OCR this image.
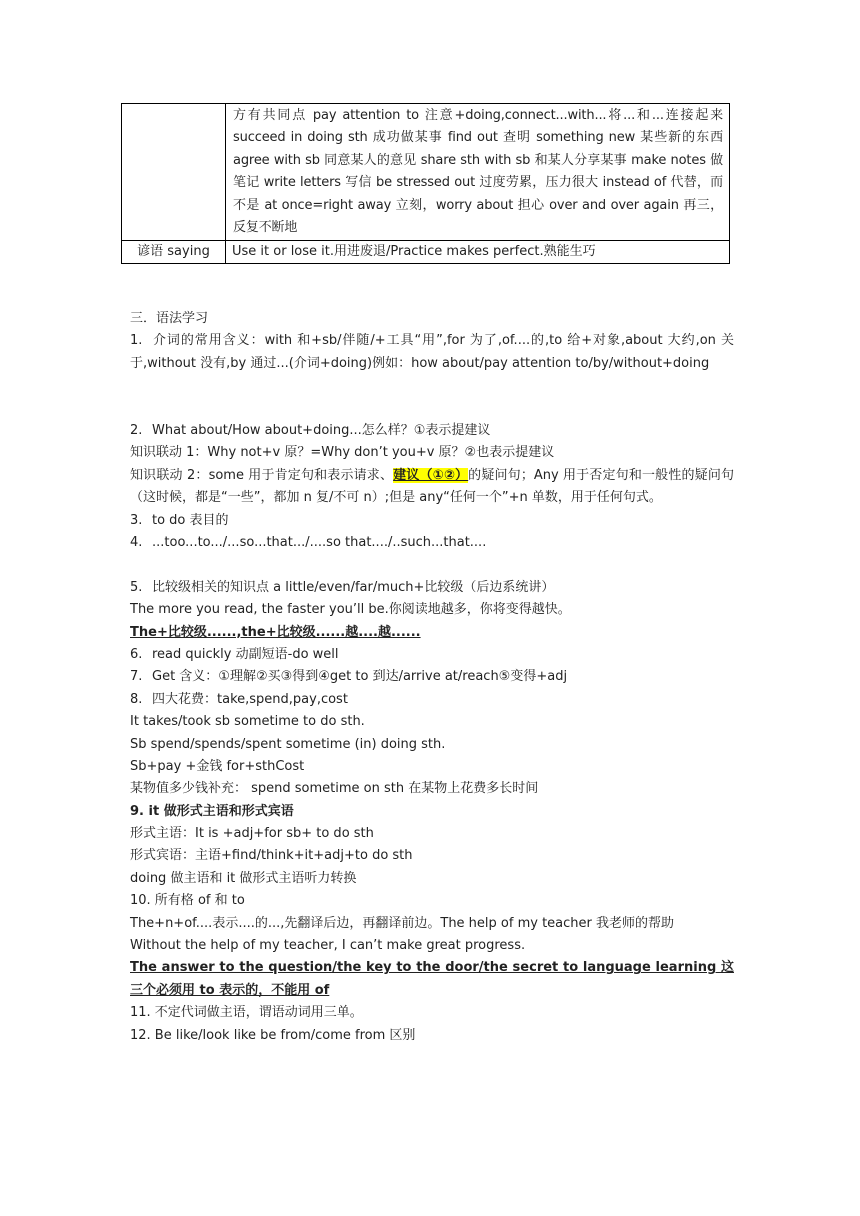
	方有共同点 pay attention to 注意+doing,connect...with...将...和...连接起来 succeed in doing sth 成功做某事 find out 查明 something new 某些新的东西 agree with sb 同意某人的意见 share sth with sb 和某人分享某事 make notes 做笔记 write letters 写信 be stressed out 过度劳累，压力很大 instead of 代替，而不是 at once=right away 立刻，worry about 担心 over and over again 再三，反复不断地

谚语 saying	Use it or lose it.用进废退/Practice makes perfect.熟能生巧
三．语法学习
1. 介词的常用含义：with 和+sb/伴随/+工具“用”,for 为了,of....的,to 给+对象,about 大约,on 关于,without 没有,by 通过...(介词+doing)例如：how about/pay attention to/by/without+doing
2. What about/How about+doing...怎么样？①表示提建议
知识联动 1：Why not+v 原？=Why don’t you+v 原？②也表示提建议
知识联动 2：some 用于肯定句和表示请求、建议（①②）的疑问句；Any 用于否定句和一般性的疑问句（这时候，都是“一些”，都加 n 复/不可 n）;但是 any“任何一个”+n 单数，用于任何句式。
3. to do 表目的
4. ...too...to.../...so...that.../....so that..../..such...that....
5. 比较级相关的知识点 a little/even/far/much+比较级（后边系统讲）
The more you read, the faster you’ll be.你阅读地越多，你将变得越快。
The+比较级......,the+比较级......越....越......
6. read quickly 动副短语-do well
7. Get 含义：①理解②买③得到④get to 到达/arrive at/reach⑤变得+adj
8. 四大花费：take,spend,pay,cost
It takes/took sb sometime to do sth.
Sb spend/spends/spent sometime (in) doing sth.
Sb+pay +金钱 for+sthCost
某物值多少钱补充： spend sometime on sth 在某物上花费多长时间
9. it 做形式主语和形式宾语
形式主语：It is +adj+for sb+ to do sth
形式宾语：主语+find/think+it+adj+to do sth
doing 做主语和 it 做形式主语听力转换
10. 所有格 of 和 to
The+n+of....表示....的...,先翻译后边，再翻译前边。The help of my teacher 我老师的帮助
Without the help of my teacher, I can’t make great progress.
The answer to the question/the key to the door/the secret to language learning 这三个必须用 to 表示的，不能用 of
11. 不定代词做主语，谓语动词用三单。
12. Be like/look like be from/come from 区别
